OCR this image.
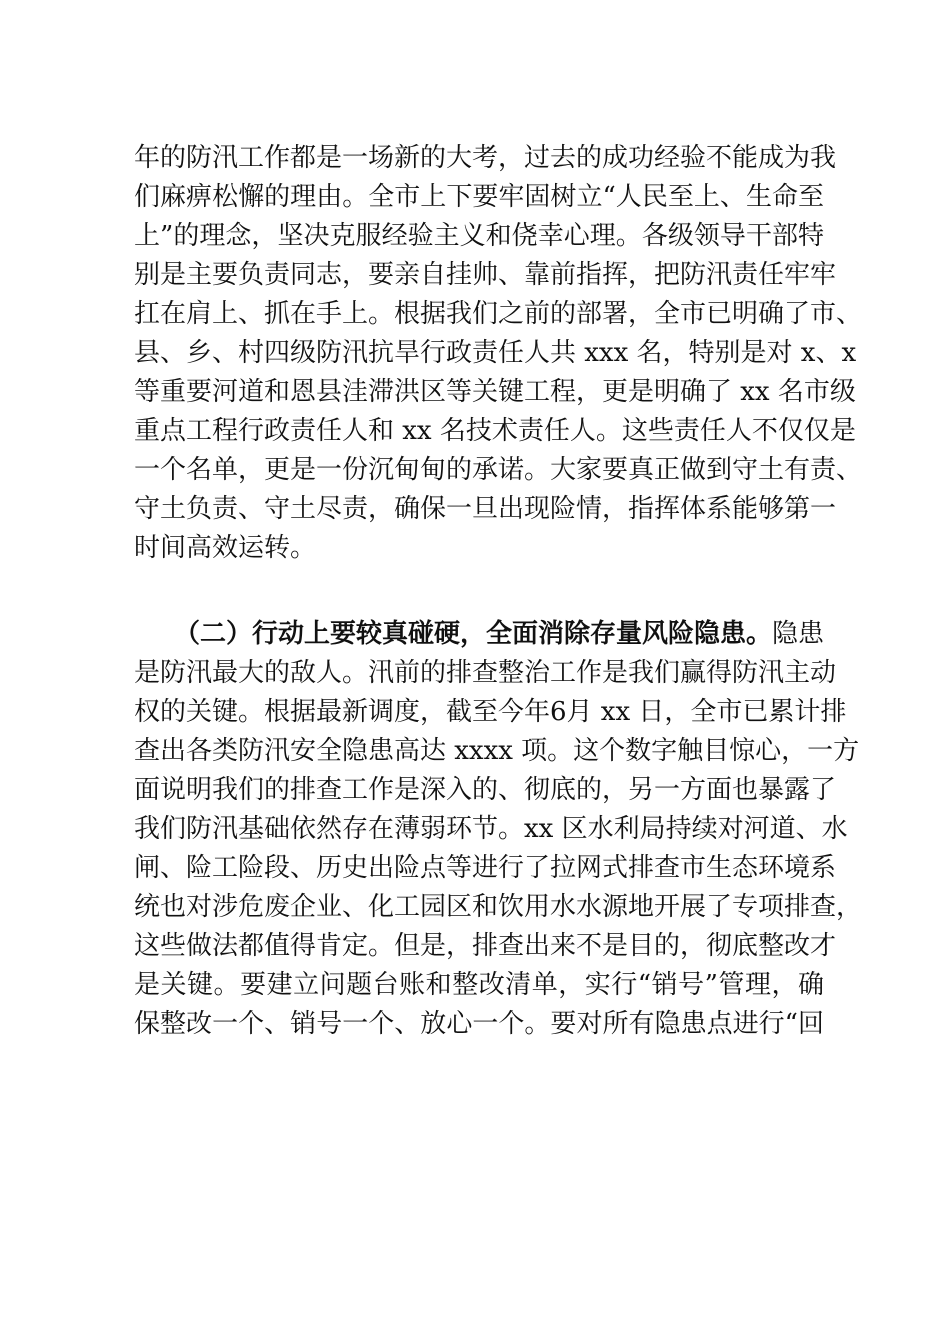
年的防汛工作都是一场新的大考，过去的成功经验不能成为我
们麻痹松懈的理由。全市上下要牢固树立“人民至上、生命至
上”的理念，坚决克服经验主义和侥幸心理。各级领导干部特
别是主要负责同志，要亲自挂帅、靠前指挥，把防汛责任牢牢
扛在肩上、抓在手上。根据我们之前的部署，全市已明确了市、
县、乡、村四级防汛抗旱行政责任人共 xxx 名，特别是对 x、x
等重要河道和恩县洼滞洪区等关键工程，更是明确了 xx 名市级
重点工程行政责任人和 xx 名技术责任人。这些责任人不仅仅是
一个名单，更是一份沉甸甸的承诺。大家要真正做到守土有责、
守土负责、守土尽责，确保一旦出现险情，指挥体系能够第一
时间高效运转。
（二）行动上要较真碰硬，全面消除存量风险隐患。隐患
是防汛最大的敌人。汛前的排查整治工作是我们赢得防汛主动
权的关键。根据最新调度，截至今年6月 xx 日，全市已累计排
查出各类防汛安全隐患高达 xxxx 项。这个数字触目惊心，一方
面说明我们的排查工作是深入的、彻底的，另一方面也暴露了
我们防汛基础依然存在薄弱环节。xx 区水利局持续对河道、水
闸、险工险段、历史出险点等进行了拉网式排查市生态环境系
统也对涉危废企业、化工园区和饮用水水源地开展了专项排查，
这些做法都值得肯定。但是，排查出来不是目的，彻底整改才
是关键。要建立问题台账和整改清单，实行“销号”管理，确
保整改一个、销号一个、放心一个。要对所有隐患点进行“回
